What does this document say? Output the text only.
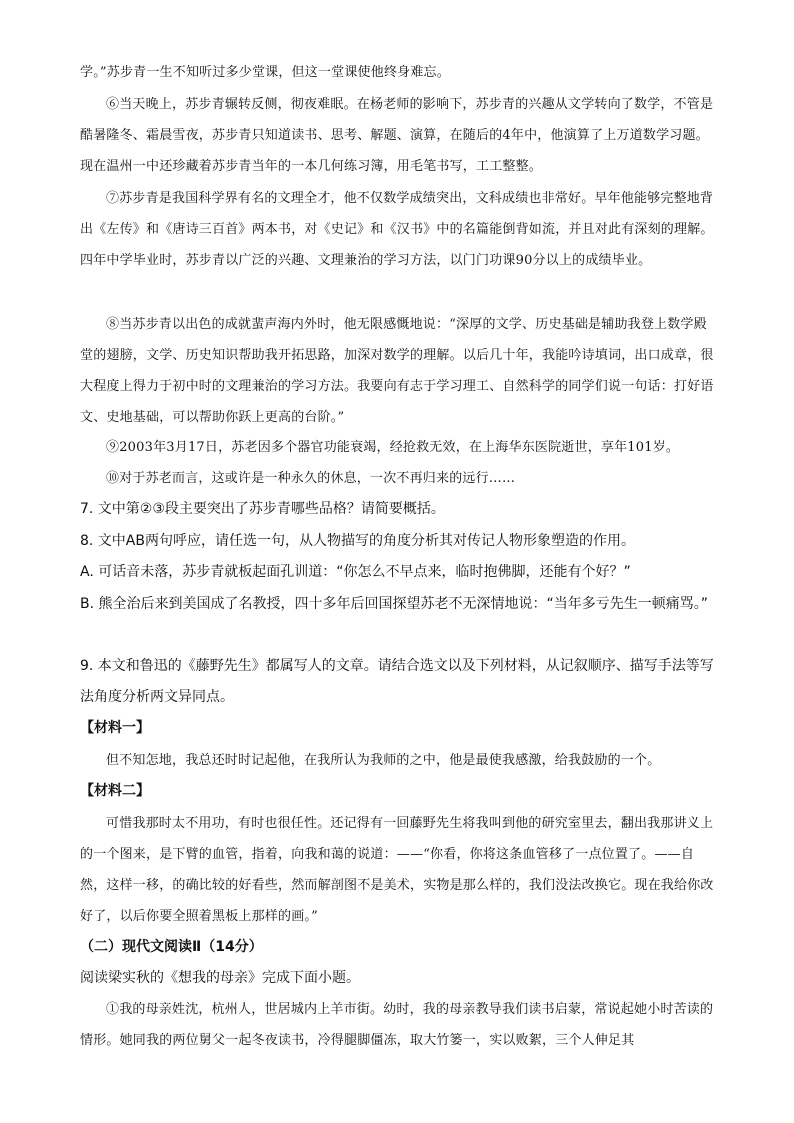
学。”苏步青一生不知听过多少堂课，但这一堂课使他终身难忘。

⑥当天晚上，苏步青辗转反侧，彻夜难眠。在杨老师的影响下，苏步青的兴趣从文学转向了数学，不管是酷暑隆冬、霜晨雪夜，苏步青只知道读书、思考、解题、演算，在随后的4年中，他演算了上万道数学习题。现在温州一中还珍藏着苏步青当年的一本几何练习簿，用毛笔书写，工工整整。
⑦苏步青是我国科学界有名的文理全才，他不仅数学成绩突出，文科成绩也非常好。早年他能够完整地背出《左传》和《唐诗三百首》两本书，对《史记》和《汉书》中的名篇能倒背如流，并且对此有深刻的理解。四年中学毕业时，苏步青以广泛的兴趣、文理兼治的学习方法，以门门功课90分以上的成绩毕业。
⑧当苏步青以出色的成就蜚声海内外时，他无限感慨地说：“深厚的文学、历史基础是辅助我登上数学殿堂的翅膀，文学、历史知识帮助我开拓思路，加深对数学的理解。以后几十年，我能吟诗填词，出口成章，很大程度上得力于初中时的文理兼治的学习方法。我要向有志于学习理工、自然科学的同学们说一句话：打好语文、史地基础，可以帮助你跃上更高的台阶。”
⑨2003年3月17日，苏老因多个器官功能衰竭，经抢救无效，在上海华东医院逝世，享年101岁。
⑩对于苏老而言，这或许是一种永久的休息，一次不再归来的远行……
7. 文中第②③段主要突出了苏步青哪些品格？请简要概括。
8. 文中AB两句呼应，请任选一句，从人物描写的角度分析其对传记人物形象塑造的作用。
A. 可话音未落，苏步青就板起面孔训道：“你怎么不早点来，临时抱佛脚，还能有个好？”
B. 熊全治后来到美国成了名教授，四十多年后回国探望苏老不无深情地说：“当年多亏先生一顿痛骂。”
9. 本文和鲁迅的《藤野先生》都属写人的文章。请结合选文以及下列材料，从记叙顺序、描写手法等写法角度分析两文异同点。
【材料一】
但不知怎地，我总还时时记起他，在我所认为我师的之中，他是最使我感激，给我鼓励的一个。
【材料二】
可惜我那时太不用功，有时也很任性。还记得有一回藤野先生将我叫到他的研究室里去，翻出我那讲义上的一个图来，是下臂的血管，指着，向我和蔼的说道：——“你看，你将这条血管移了一点位置了。——自然，这样一移，的确比较的好看些，然而解剖图不是美术，实物是那么样的，我们没法改换它。现在我给你改好了，以后你要全照着黑板上那样的画。”
（二）现代文阅读Ⅱ（14分）
阅读梁实秋的《想我的母亲》完成下面小题。
①我的母亲姓沈，杭州人，世居城内上羊市街。幼时，我的母亲教导我们读书启蒙，常说起她小时苦读的情形。她同我的两位舅父一起冬夜读书，冷得腿脚僵冻，取大竹篓一，实以败絮，三个人伸足其
